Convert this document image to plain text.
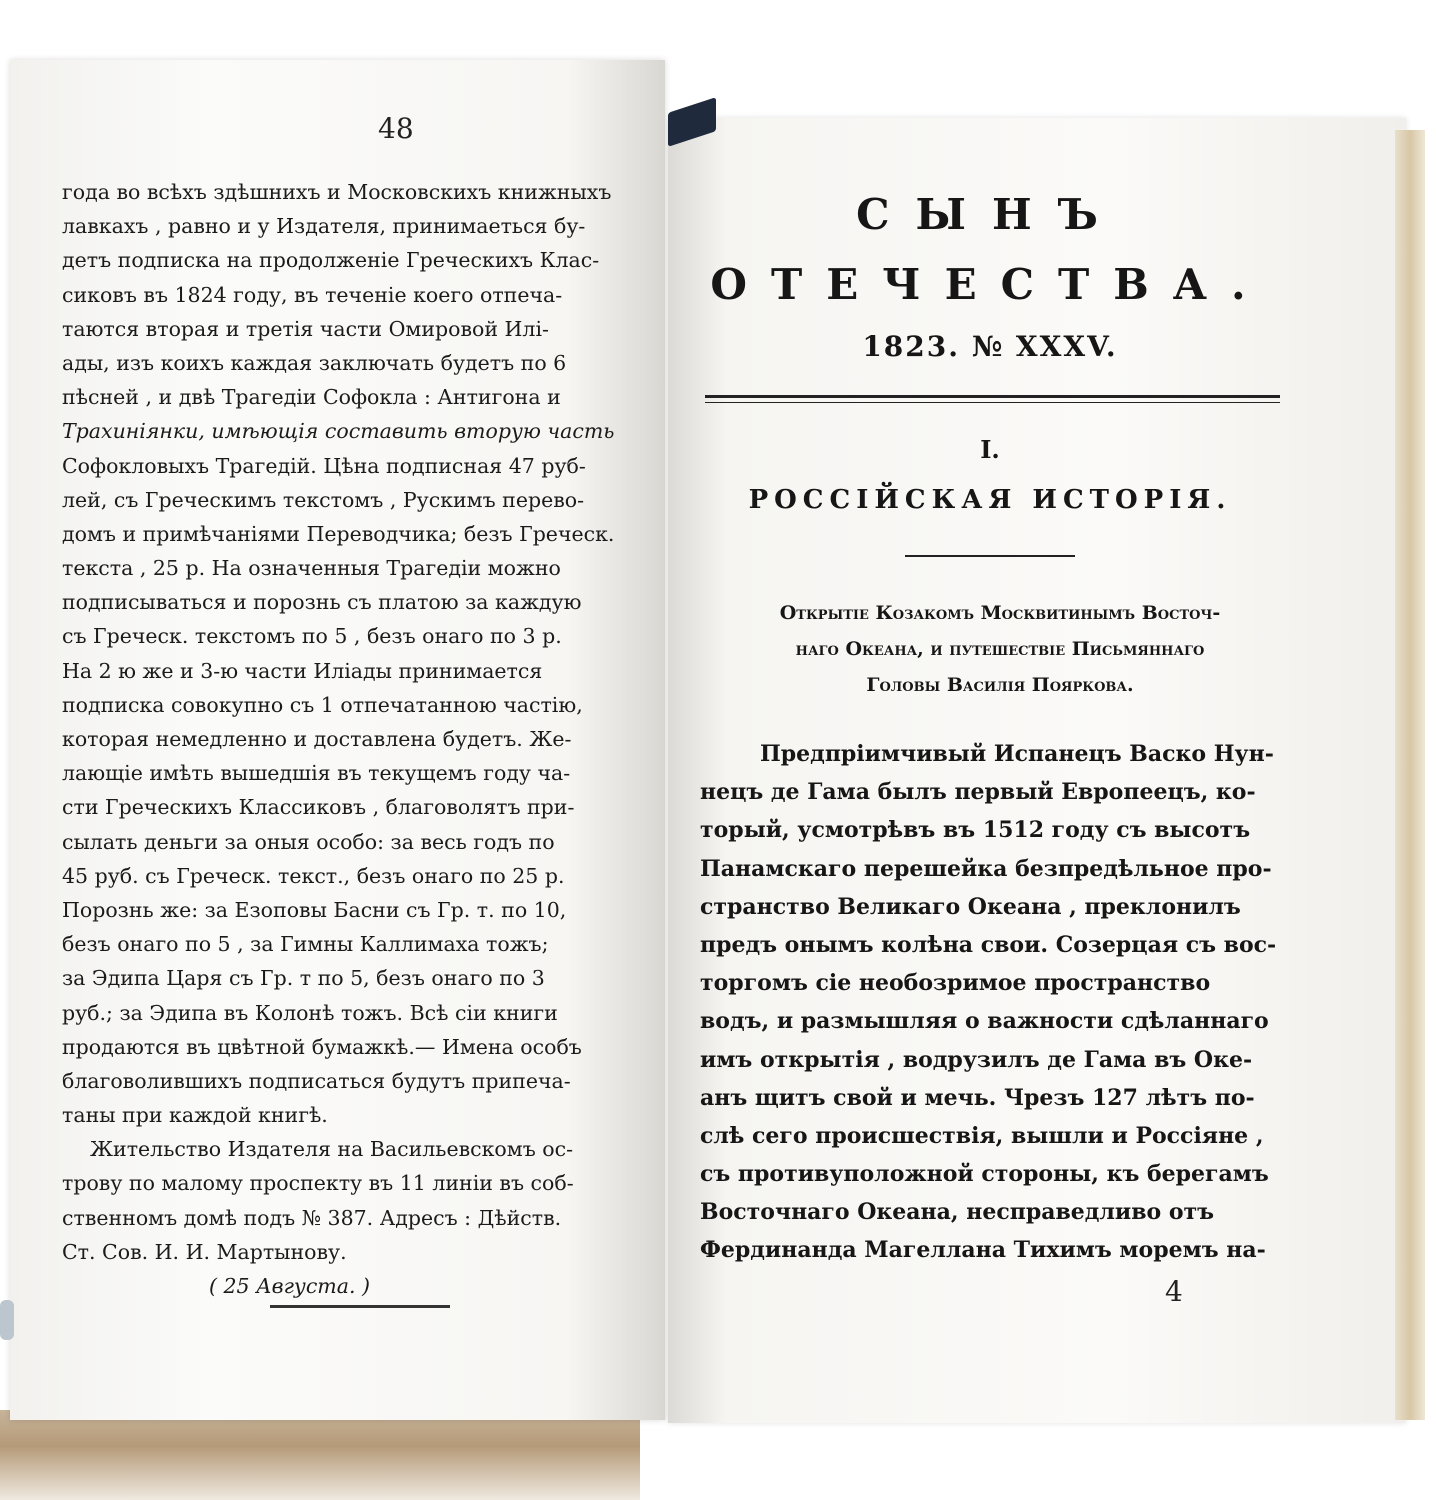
48
года во всѣхъ здѣшнихъ и Московскихъ книжныхъ
лавкахъ , равно и у Издателя, принимаеться бу-
детъ подписка на продолженіе Греческихъ Клас-
сиковъ въ 1824 году, въ теченіе коего отпеча-
таются вторая и третія части Омировой Илі-
ады, изъ коихъ каждая заключать будетъ по 6
пѣсней , и двѣ Трагедіи Софокла : Антигона и
Трахиніянки, имѣющія составить вторую часть
Софокловыхъ Трагедій. Цѣна подписная 47 руб-
лей, съ Греческимъ текстомъ , Рускимъ перево-
домъ и примѣчаніями Переводчика; безъ Греческ.
текста , 25 р. На означенныя Трагедіи можно
подписываться и порознь съ платою за каждую
съ Греческ. текстомъ по 5 , безъ онаго по 3 р.
На 2 ю же и 3-ю части Иліады принимается
подписка совокупно съ 1 отпечатанною частію,
которая немедленно и доставлена будетъ. Же-
лающіе имѣть вышедшія въ текущемъ году ча-
сти Греческихъ Классиковъ , благоволятъ при-
сылать деньги за оныя особо: за весь годъ по
45 руб. съ Греческ. текст., безъ онаго по 25 р.
Порознь же: за Езоповы Басни съ Гр. т. по 10,
безъ онаго по 5 , за Гимны Каллимаха тожъ;
за Эдипа Царя съ Гр. т по 5, безъ онаго по 3
руб.; за Эдипа въ Колонѣ тожъ. Всѣ сіи книги
продаются въ цвѣтной бумажкѣ.— Имена особъ
благоволившихъ подписаться будутъ припеча-
таны при каждой книгѣ.
Жительство Издателя на Васильевскомъ ос-
трову по малому проспекту въ 11 линіи въ соб-
ственномъ домѣ подъ № 387. Адресъ : Дѣйств.
Ст. Сов. И. И. Мартынову.
( 25 Августа. )
СЫНЪ
ОТЕЧЕСТВА.
1823. № XXXV.
I.
РОССІЙСКАЯ ИСТОРІЯ.
Открытіе Козакомъ Москвитинымъ Восточ-
наго Океана, и путешествіе Письмяннаго
Головы Василія Пояркова.
Предпріимчивый Испанецъ Васко Нун-
нецъ де Гама былъ первый Европеецъ, ко-
торый, усмотрѣвъ въ 1512 году съ высотъ
Панамскаго перешейка безпредѣльное про-
странство Великаго Океана , преклонилъ
предъ онымъ колѣна свои. Созерцая съ вос-
торгомъ сіе необозримое пространство
водъ, и размышляя о важности сдѣланнаго
имъ открытія , водрузилъ де Гама въ Оке-
анъ щитъ свой и мечь. Чрезъ 127 лѣтъ по-
слѣ сего происшествія, вышли и Россіяне ,
съ противуположной стороны, къ берегамъ
Восточнаго Океана, несправедливо отъ
Фердинанда Магеллана Тихимъ моремъ на-
4
